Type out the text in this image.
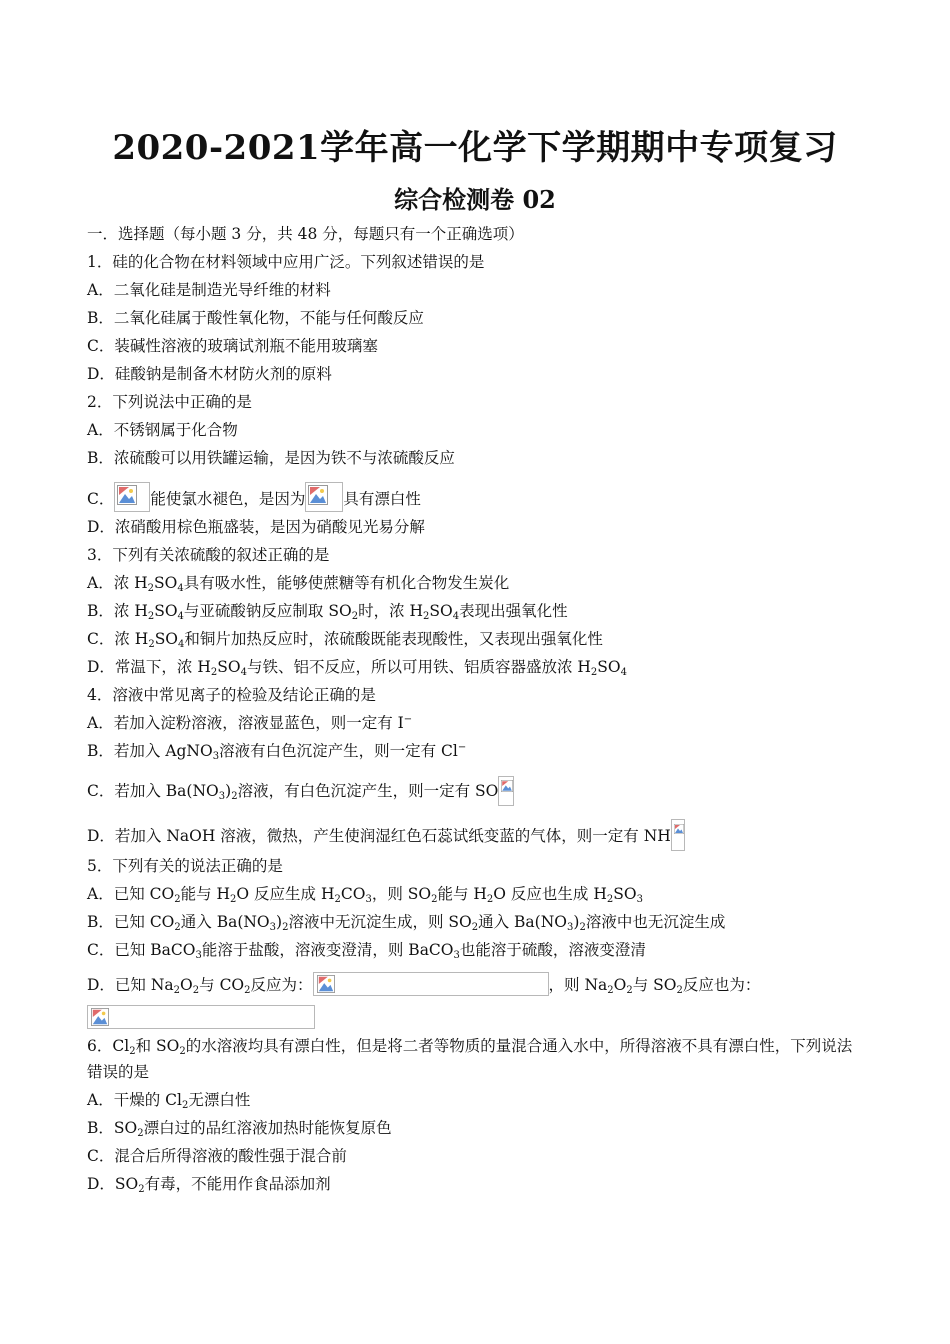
2020-2021学年高一化学下学期期中专项复习
综合检测卷 02
一．选择题（每小题 3 分，共 48 分，每题只有一个正确选项）
1．硅的化合物在材料领域中应用广泛。下列叙述错误的是
A．二氧化硅是制造光导纤维的材料
B．二氧化硅属于酸性氧化物，不能与任何酸反应
C．装碱性溶液的玻璃试剂瓶不能用玻璃塞
D．硅酸钠是制备木材防火剂的原料
2．下列说法中正确的是
A．不锈钢属于化合物
B．浓硫酸可以用铁罐运输，是因为铁不与浓硫酸反应
C． 能使氯水褪色，是因为 具有漂白性
D．浓硝酸用棕色瓶盛装，是因为硝酸见光易分解
3．下列有关浓硫酸的叙述正确的是
A．浓 $H_2SO_4$具有吸水性，能够使蔗糖等有机化合物发生炭化
B．浓 $H_2SO_4$与亚硫酸钠反应制取 $SO_2$时，浓 $H_2SO_4$表现出强氧化性
C．浓 $H_2SO_4$和铜片加热反应时，浓硫酸既能表现酸性，又表现出强氧化性
D．常温下，浓 $H_2SO_4$与铁、铝不反应，所以可用铁、铝质容器盛放浓 $H_2SO_4$
4．溶液中常见离子的检验及结论正确的是
A．若加入淀粉溶液，溶液显蓝色，则一定有 I−
B．若加入 AgNO$_3$溶液有白色沉淀产生，则一定有 Cl−
C．若加入 $Ba(NO_3)_2$溶液，有白色沉淀产生，则一定有 SO
D．若加入 NaOH 溶液，微热，产生使润湿红色石蕊试纸变蓝的气体，则一定有 NH
5．下列有关的说法正确的是
A．已知 $CO_2$能与 $H_2O$ 反应生成 $H_2CO_3$，则 $SO_2$能与 $H_2O$ 反应也生成 $H_2SO_3$
B．已知 $CO_2$通入 $Ba(NO_3)_2$溶液中无沉淀生成，则 $SO_2$通入 $Ba(NO_3)_2$溶液中也无沉淀生成
C．已知 BaCO$_3$能溶于盐酸，溶液变澄清，则 BaCO$_3$也能溶于硫酸，溶液变澄清
D．已知 $Na_2O_2$与 $CO_2$反应为：	，则 $Na_2O_2$与 $SO_2$反应也为：
6．$Cl_2$和 $SO_2$的水溶液均具有漂白性，但是将二者等物质的量混合通入水中，所得溶液不具有漂白性，下列说法错误的是
A．干燥的 $Cl_2$无漂白性
B．$SO_2$漂白过的品红溶液加热时能恢复原色
C．混合后所得溶液的酸性强于混合前
D．$SO_2$有毒，不能用作食品添加剂
